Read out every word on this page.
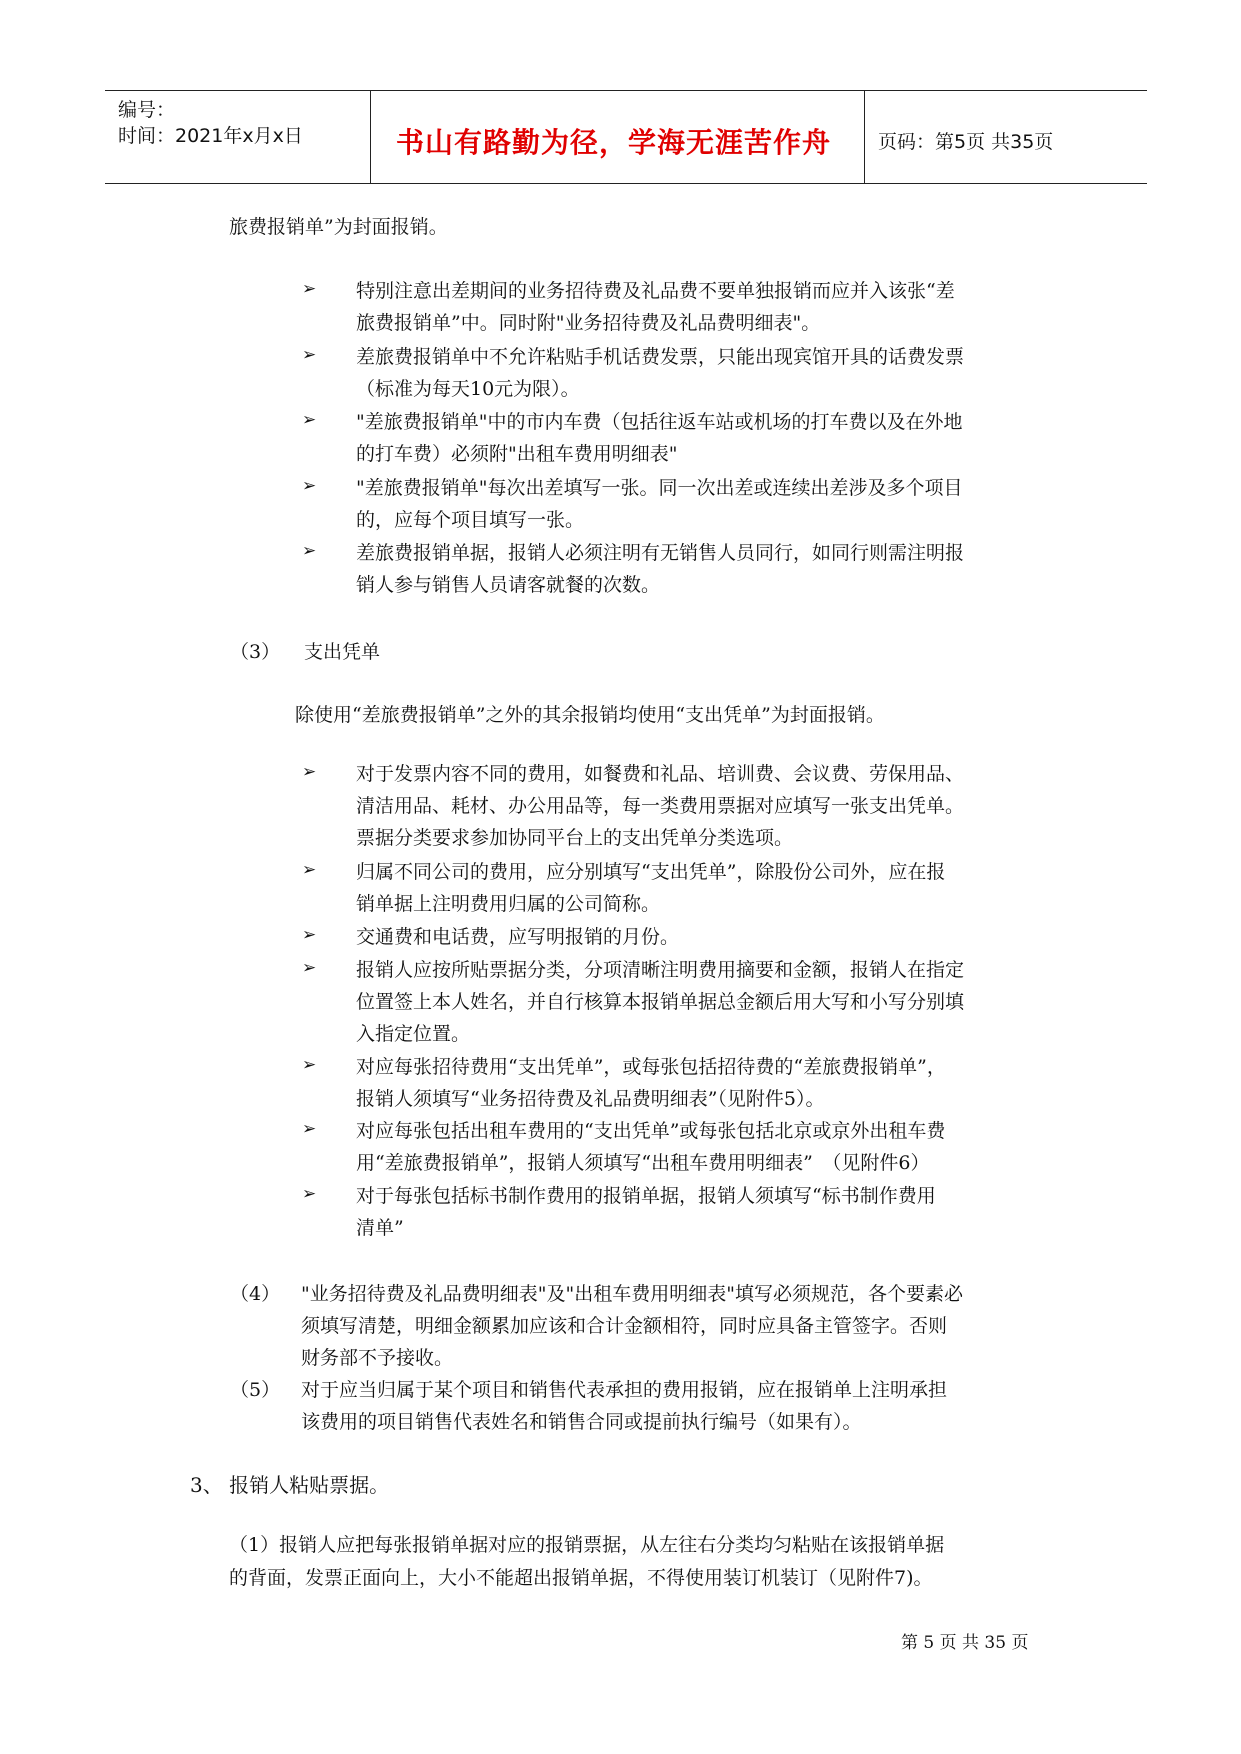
编号：
时间：2021年x月x日	书山有路勤为径，学海无涯苦作舟 页码：第5页 共35页
旅费报销单”为封面报销。
➢ 特别注意出差期间的业务招待费及礼品费不要单独报销而应并入该张“差
旅费报销单”中。同时附"业务招待费及礼品费明细表"。
➢ 差旅费报销单中不允许粘贴手机话费发票，只能出现宾馆开具的话费发票
（标准为每天10元为限）。
➢ "差旅费报销单"中的市内车费（包括往返车站或机场的打车费以及在外地
的打车费）必须附"出租车费用明细表"
➢ "差旅费报销单"每次出差填写一张。同一次出差或连续出差涉及多个项目
的，应每个项目填写一张。
➢ 差旅费报销单据，报销人必须注明有无销售人员同行，如同行则需注明报
销人参与销售人员请客就餐的次数。
（3） 支出凭单
除使用“差旅费报销单”之外的其余报销均使用“支出凭单”为封面报销。
➢ 对于发票内容不同的费用，如餐费和礼品、培训费、会议费、劳保用品、
清洁用品、耗材、办公用品等，每一类费用票据对应填写一张支出凭单。
票据分类要求参加协同平台上的支出凭单分类选项。
➢ 归属不同公司的费用，应分别填写“支出凭单”，除股份公司外，应在报
销单据上注明费用归属的公司简称。
➢ 交通费和电话费，应写明报销的月份。
➢ 报销人应按所贴票据分类，分项清晰注明费用摘要和金额，报销人在指定
位置签上本人姓名，并自行核算本报销单据总金额后用大写和小写分别填
入指定位置。
➢ 对应每张招待费用“支出凭单”，或每张包括招待费的“差旅费报销单”，
报销人须填写“业务招待费及礼品费明细表”（见附件5）。
➢ 对应每张包括出租车费用的“支出凭单”或每张包括北京或京外出租车费
用“差旅费报销单”，报销人须填写“出租车费用明细表”　（见附件6）
➢ 对于每张包括标书制作费用的报销单据，报销人须填写“标书制作费用
清单”
（4） "业务招待费及礼品费明细表"及"出租车费用明细表"填写必须规范，各个要素必
须填写清楚，明细金额累加应该和合计金额相符，同时应具备主管签字。否则
财务部不予接收。
（5） 对于应当归属于某个项目和销售代表承担的费用报销，应在报销单上注明承担
该费用的项目销售代表姓名和销售合同或提前执行编号（如果有）。
3、 报销人粘贴票据。
（1）报销人应把每张报销单据对应的报销票据，从左往右分类均匀粘贴在该报销单据
的背面，发票正面向上，大小不能超出报销单据，不得使用装订机装订（见附件7)。
第 5 页 共 35 页
